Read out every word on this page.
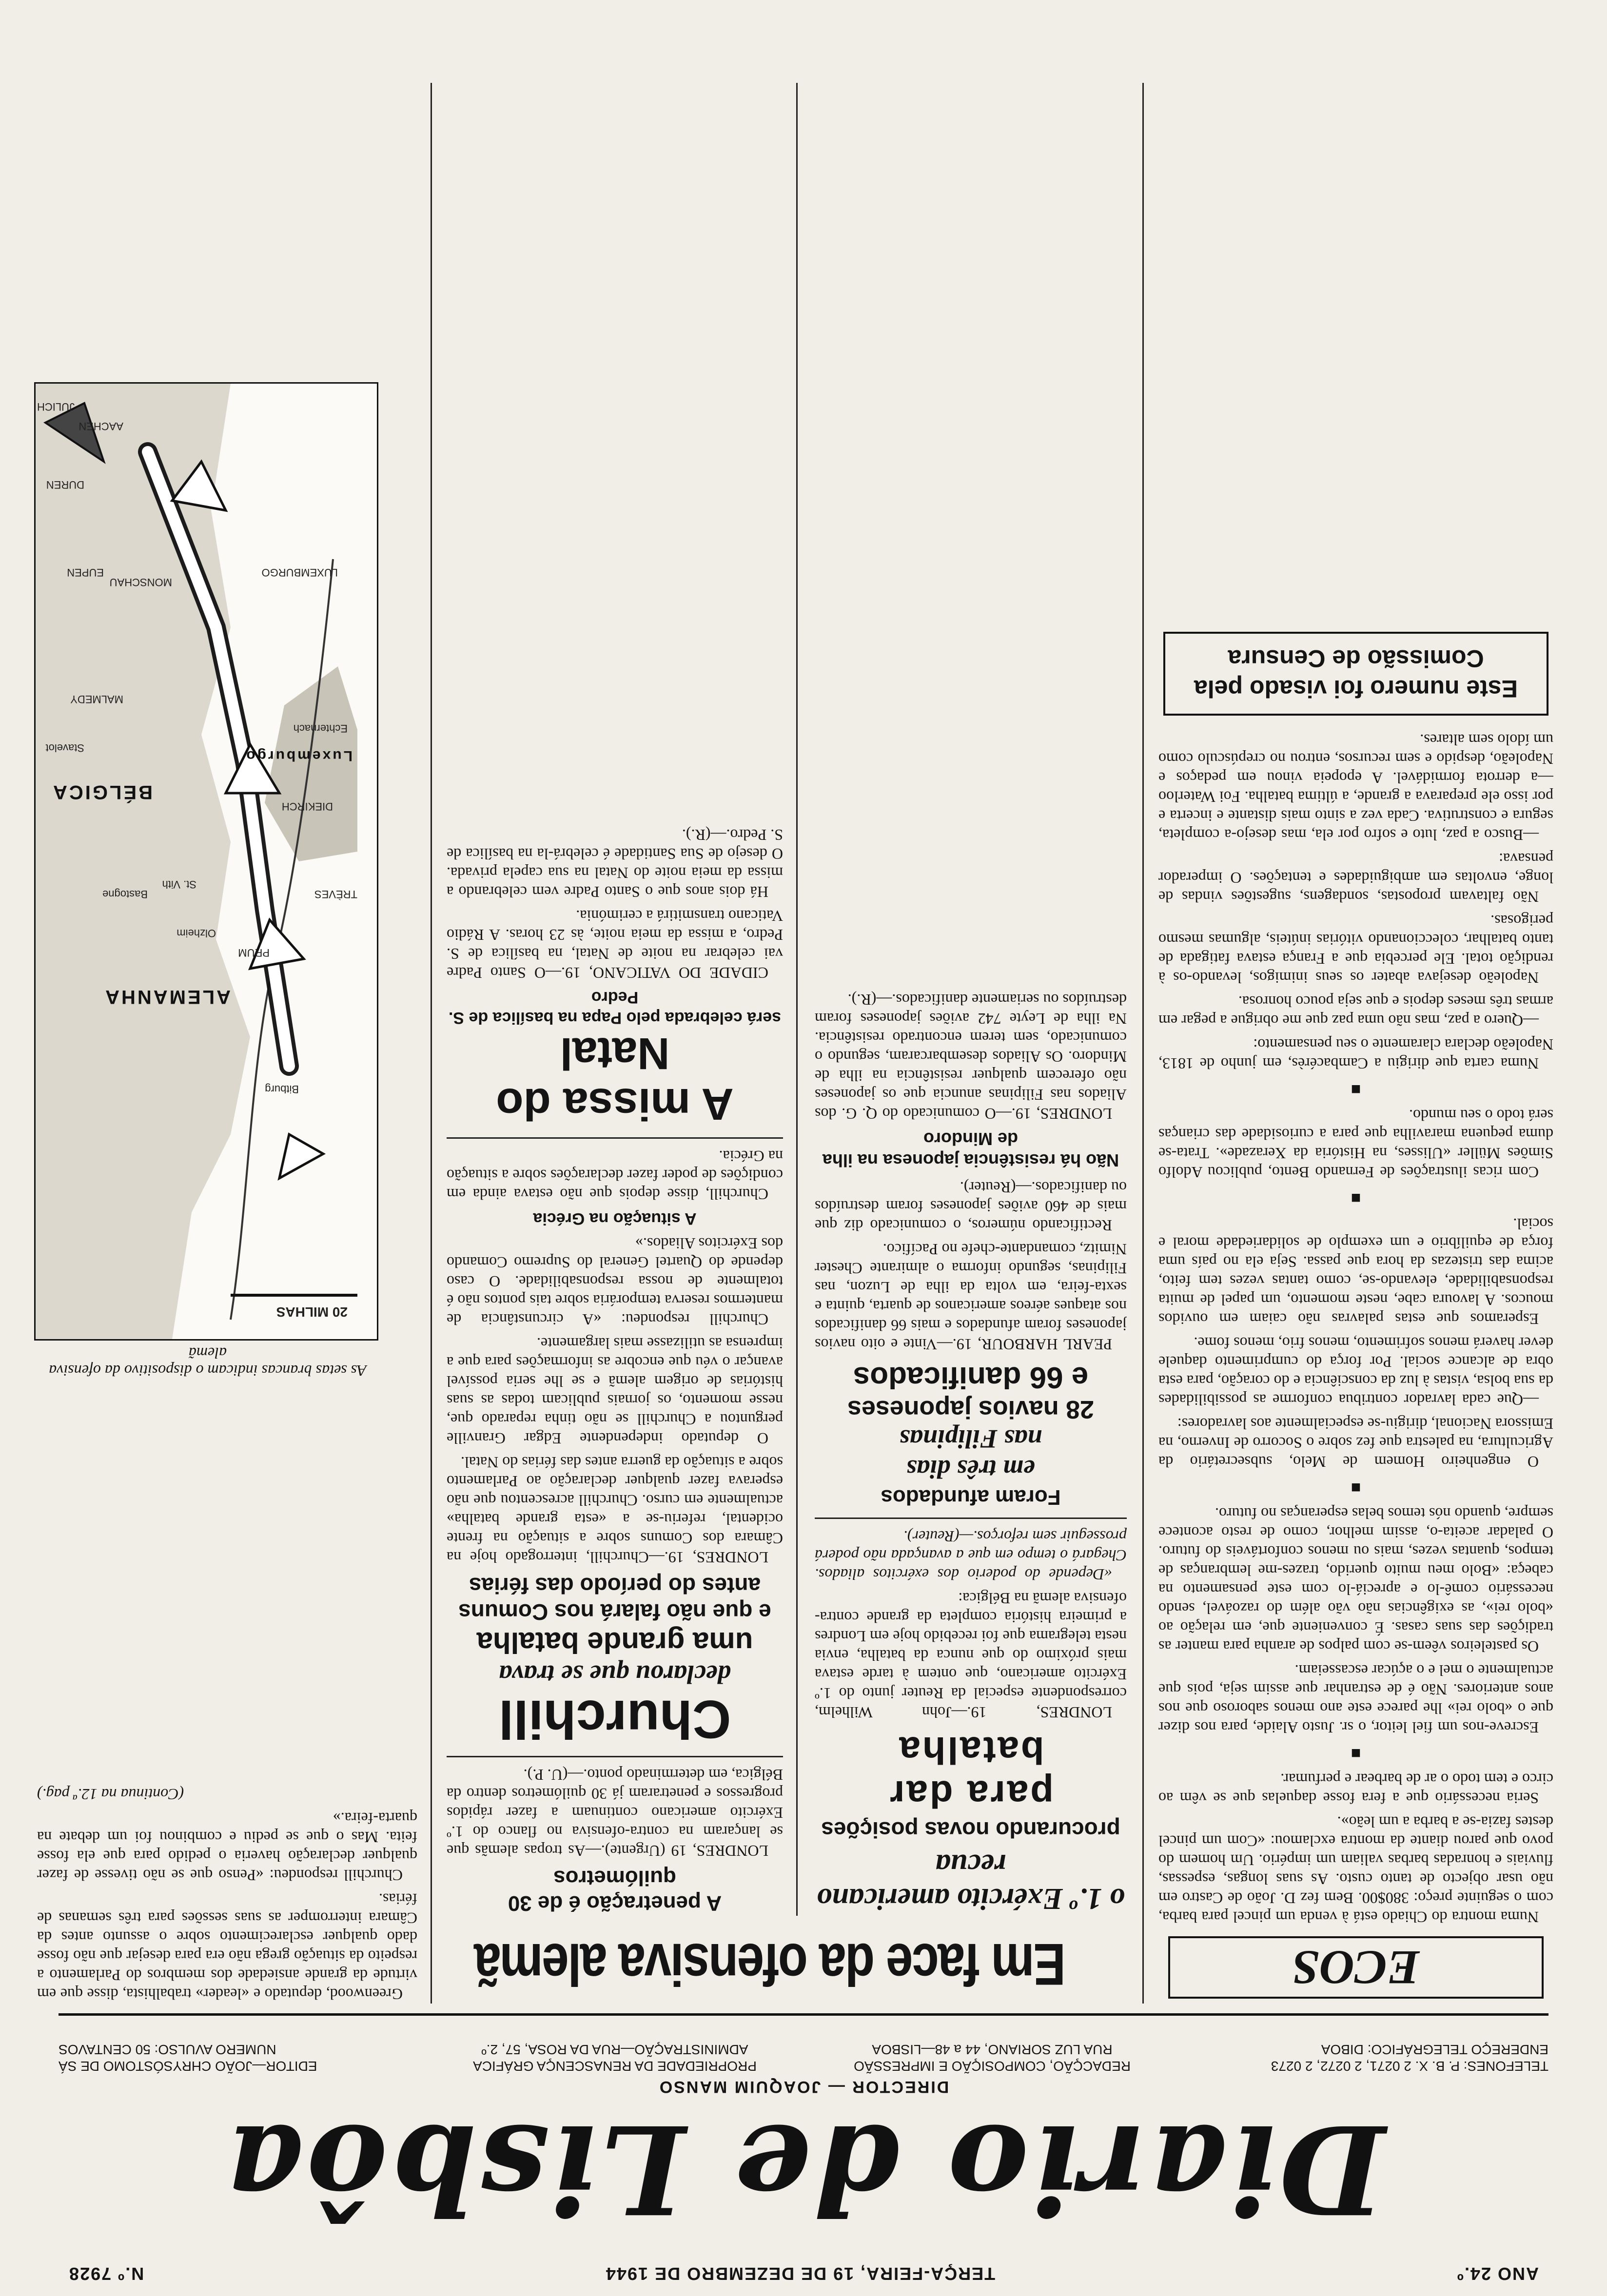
ANO 24.º
TERÇA-FEIRA, 19 DE DEZEMBRO DE 1944
N.º 7928
Diario de Lisbôa
DIRECTOR — JOAQUIM MANSO
TELEFONES: P. B. X. 2 0271, 2 0272, 2 0273
ENDEREÇO TELEGRÁFICO: DIBOA
REDACÇÃO, COMPOSIÇÃO E IMPRESSÃO
RUA LUZ SORIANO, 44 a 48—LISBOA
PROPRIEDADE DA RENASCENÇA GRÁFICA
ADMINISTRAÇÃO—RUA DA ROSA, 57, 2.º
EDITOR—JOÃO CHRYSÓSTOMO DE SÁ
NUMERO AVULSO: 50 CENTAVOS
ECOS

Numa montra do Chiado está à venda um pincel para barba, com o seguinte preço: 380$00. Bem fez D. João de Castro em não usar objecto de tanto custo. As suas longas, espessas, fluviais e honradas barbas valiam um império. Um homem do povo que parou diante da montra exclamou: «Com um pincel destes fazia-se a barba a um leão».

Seria necessário que a fera fosse daquelas que se vêm ao circo e tem todo o ar de barbear e perfumar.

■

Escreve-nos um fiel leitor, o sr. Justo Alaide, para nos dizer que o «bolo rei» lhe parece este ano menos saboroso que nos anos anteriores. Não é de estranhar que assim seja, pois que actualmente o mel e o açúcar escasseiam.

Os pasteleiros vêem-se com palpos de aranha para manter as tradições das suas casas. É conveniente que, em relação ao «bolo rei», as exigências não vão além do razoável, sendo necessário comê-lo e apreciá-lo com este pensamento na cabeça: «Bolo meu muito querido, trazes-me lembranças de tempos, quantas vezes, mais ou menos confortáveis do futuro. O paladar aceita-o, assim melhor, como de resto acontece sempre, quando nós temos belas esperanças no futuro.

■

O engenheiro Homem de Melo, subsecretário da Agricultura, na palestra que fez sobre o Socorro de Inverno, na Emissora Nacional, dirigiu-se especialmente aos lavradores:

—Que cada lavrador contribua conforme as possibilidades da sua bolsa, vistas à luz da consciência e do coração, para esta obra de alcance social. Por força do cumprimento daquele dever haverá menos sofrimento, menos frio, menos fome.

Esperamos que estas palavras não caiam em ouvidos moucos. A lavoura cabe, neste momento, um papel de muita responsabilidade, elevando-se, como tantas vezes tem feito, acima das tristezas da hora que passa. Seja ela no país uma força de equilíbrio e um exemplo de solidariedade moral e social.

■

Com ricas ilustrações de Fernando Bento, publicou Adolfo Simões Müller «Ulisses, na História da Xerazade». Trata-se duma pequena maravilha que para a curiosidade das crianças será todo o seu mundo.

■

Numa carta que dirigiu a Cambacérès, em junho de 1813, Napoleão declara claramente o seu pensamento:

—Quero a paz, mas não uma paz que me obrigue a pegar em armas três meses depois e que seja pouco honrosa.

Napoleão desejava abater os seus inimigos, levando-os à rendição total. Ele percebia que a França estava fatigada de tanto batalhar, coleccionando vitórias inúteis, algumas mesmo perigosas.

Não faltavam propostas, sondagens, sugestões vindas de longe, envoltas em ambiguidades e tentações. O imperador pensava:

—Busco a paz, luto e sofro por ela, mas desejo-a completa, segura e construtiva. Cada vez a sinto mais distante e incerta e por isso ele preparava a grande, a última batalha. Foi Waterloo—a derrota formidável. A epopeia vinou em pedaços e Napoleão, despido e sem recursos, entrou no crepúsculo como um ídolo sem altares.

Este numero foi visado pela Comissão de Censura
Em face da ofensiva alemã
o 1.º Exército americano recua
procurando novas posições
para dar batalha

LONDRES, 19.—John Wilhelm, correspondente especial da Reuter junto do 1.º Exército americano, que ontem à tarde estava mais próximo do que nunca da batalha, envia nesta telegrama que foi recebido hoje em Londres a primeira história completa da grande contra-ofensiva alemã na Bélgica:

«Depende do poderio dos exércitos aliados. Chegará o tempo em que a avançada não poderá prosseguir sem reforços.—(Reuter).

Foram afundados
em três dias
nas Filipinas
28 navios japoneses
e 66 danificados

PEARL HARBOUR, 19.—Vinte e oito navios japoneses foram afundados e mais 66 danificados nos ataques aéreos americanos de quarta, quinta e sexta-feira, em volta da ilha de Luzon, nas Filipinas, segundo informa o almirante Chester Nimitz, comandante-chefe no Pacífico.

Rectificando números, o comunicado diz que mais de 460 aviões japoneses foram destruídos ou danificados.—(Reuter).

Não há resistência japonesa na ilha de Mindoro

LONDRES, 19.—O comunicado do Q. G. dos Aliados nas Filipinas anuncia que os japoneses não oferecem qualquer resistência na ilha de Mindoro. Os Aliados desembarcaram, segundo o comunicado, sem terem encontrado resistência. Na ilha de Leyte 742 aviões japoneses foram destruídos ou seriamente danificados.—(R.).

A penetração é de 30 quilómetros

LONDRES, 19 (Urgente).—As tropas alemãs que se lançaram na contra-ofensiva no flanco do 1.º Exército americano continuam a fazer rápidos progressos e penetraram já 30 quilómetros dentro da Bélgica, em determinado ponto.—(U. P.).

Churchill
declarou que se trava
uma grande batalha
e que não falará nos Comuns
antes do período das férias

LONDRES, 19.—Churchill, interrogado hoje na Câmara dos Comuns sobre a situação na frente ocidental, referiu-se a «esta grande batalha» actualmente em curso. Churchill acrescentou que não esperava fazer qualquer declaração ao Parlamento sobre a situação da guerra antes das férias do Natal.

O deputado independente Edgar Granville perguntou a Churchill se não tinha reparado que, nesse momento, os jornais publicam todas as suas histórias de origem alemã e se lhe seria possível avançar o véu que encobre as informações para que a imprensa as utilizasse mais largamente.

Churchill respondeu: «A circunstância de mantermos reserva temporária sobre tais pontos não é totalmente de nossa responsabilidade. O caso depende do Quartel General do Supremo Comando dos Exércitos Aliados.»

A situação na Grécia

Churchill, disse depois que não estava ainda em condições de poder fazer declarações sobre a situação na Grécia.

A missa do Natal
será celebrada pelo Papa na basílica de S. Pedro

CIDADE DO VATICANO, 19.—O Santo Padre vai celebrar na noite de Natal, na basílica de S. Pedro, a missa da meia noite, às 23 horas. A Rádio Vaticano transmitirá a cerimónia.

Há dois anos que o Santo Padre vem celebrando a missa da meia noite do Natal na sua capela privada. O desejo de Sua Santidade é celebrá-la na basílica de S. Pedro.—(R.).

Greenwood, deputado e «leader» trabalhista, disse que em virtude da grande ansiedade dos membros do Parlamento a respeito da situação grega não era para desejar que não fosse dado qualquer esclarecimento sobre o assunto antes da Câmara interromper as suas sessões para três semanas de férias.

Churchill respondeu: «Penso que se não tivesse de fazer qualquer declaração haveria o pedido para que ela fosse feita. Mas o que se pediu e combinou foi um debate na quarta-feira.»

(Continua na 12.ª pag.)

As setas brancas indicam o dispositivo da ofensiva alemã
20 MILHAS
ALEMANHA
BÉLGICA
Luxemburgo
AACHEN
DUREN
JULICH
MONSCHAU
EUPEN
MALMEDY
St. Vith
Bitburg
TRÈVES
DIEKIRCH
LUXEMBURGO
Echternach
PRUM
Stavelot
Bastogne
Olzheim
